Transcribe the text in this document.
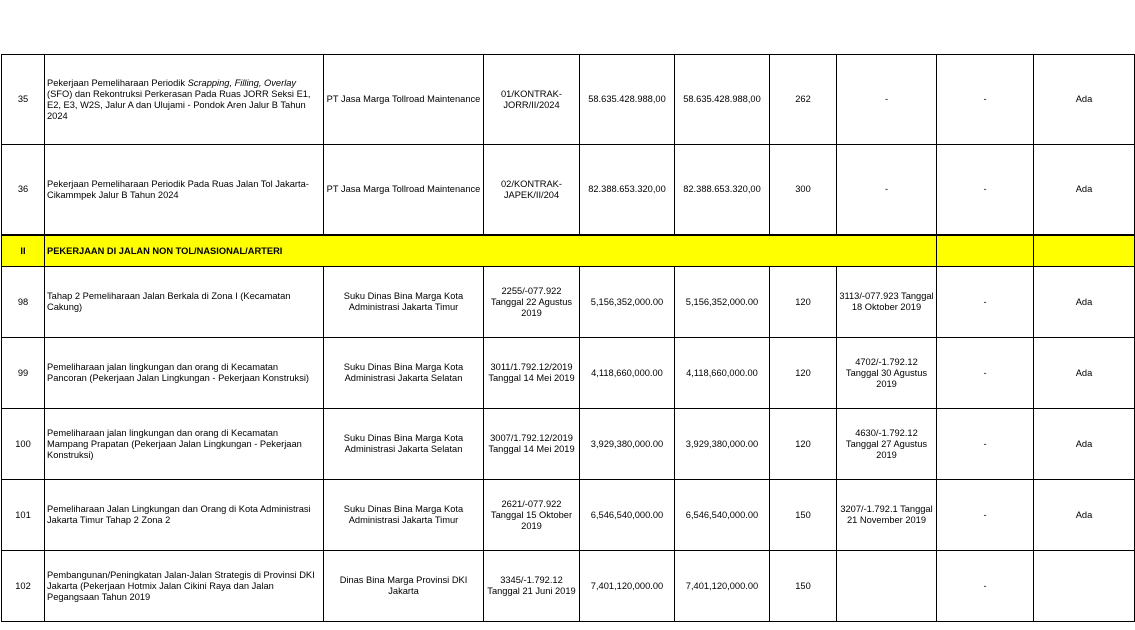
35	Pekerjaan Pemeliharaan Periodik Scrapping, Filling, Overlay (SFO) dan Rekontruksi Perkerasan Pada Ruas JORR Seksi E1, E2, E3, W2S, Jalur A dan Ulujami - Pondok Aren Jalur B Tahun 2024	PT Jasa Marga Tollroad Maintenance	01/KONTRAK-JORR/II/2024	58.635.428.988,00	58.635.428.988,00	262	-	-	Ada
36	Pekerjaan Pemeliharaan Periodik Pada Ruas Jalan Tol Jakarta-Cikammpek Jalur B Tahun 2024	PT Jasa Marga Tollroad Maintenance	02/KONTRAK-JAPEK/II/204	82.388.653.320,00	82.388.653.320,00	300	-	-	Ada
II	PEKERJAAN DI JALAN NON TOL/NASIONAL/ARTERI								
98	Tahap 2 Pemeliharaan Jalan Berkala di Zona I (Kecamatan Cakung)	Suku Dinas Bina Marga Kota Administrasi Jakarta Timur	2255/-077.922 Tanggal 22 Agustus 2019	5,156,352,000.00	5,156,352,000.00	120	3113/-077.923 Tanggal 18 Oktober 2019	-	Ada
99	Pemeliharaan jalan lingkungan dan orang di Kecamatan Pancoran (Pekerjaan Jalan Lingkungan - Pekerjaan Konstruksi)	Suku Dinas Bina Marga Kota Administrasi Jakarta Selatan	3011/1.792.12/2019 Tanggal 14 Mei 2019	4,118,660,000.00	4,118,660,000.00	120	4702/-1.792.12 Tanggal 30 Agustus 2019	-	Ada
100	Pemeliharaan jalan lingkungan dan orang di Kecamatan Mampang Prapatan (Pekerjaan Jalan Lingkungan - Pekerjaan Konstruksi)	Suku Dinas Bina Marga Kota Administrasi Jakarta Selatan	3007/1.792.12/2019 Tanggal 14 Mei 2019	3,929,380,000.00	3,929,380,000.00	120	4630/-1.792.12 Tanggal 27 Agustus 2019	-	Ada
101	Pemeliharaan Jalan Lingkungan dan Orang di Kota Administrasi Jakarta Timur Tahap 2 Zona 2	Suku Dinas Bina Marga Kota Administrasi Jakarta Timur	2621/-077.922 Tanggal 15 Oktober 2019	6,546,540,000.00	6,546,540,000.00	150	3207/-1.792.1 Tanggal 21 November 2019	-	Ada
102	Pembangunan/Peningkatan Jalan-Jalan Strategis di Provinsi DKI Jakarta (Pekerjaan Hotmix Jalan Cikini Raya dan Jalan Pegangsaan Tahun 2019	Dinas Bina Marga Provinsi DKI Jakarta	3345/-1.792.12 Tanggal 21 Juni 2019	7,401,120,000.00	7,401,120,000.00	150		-	
